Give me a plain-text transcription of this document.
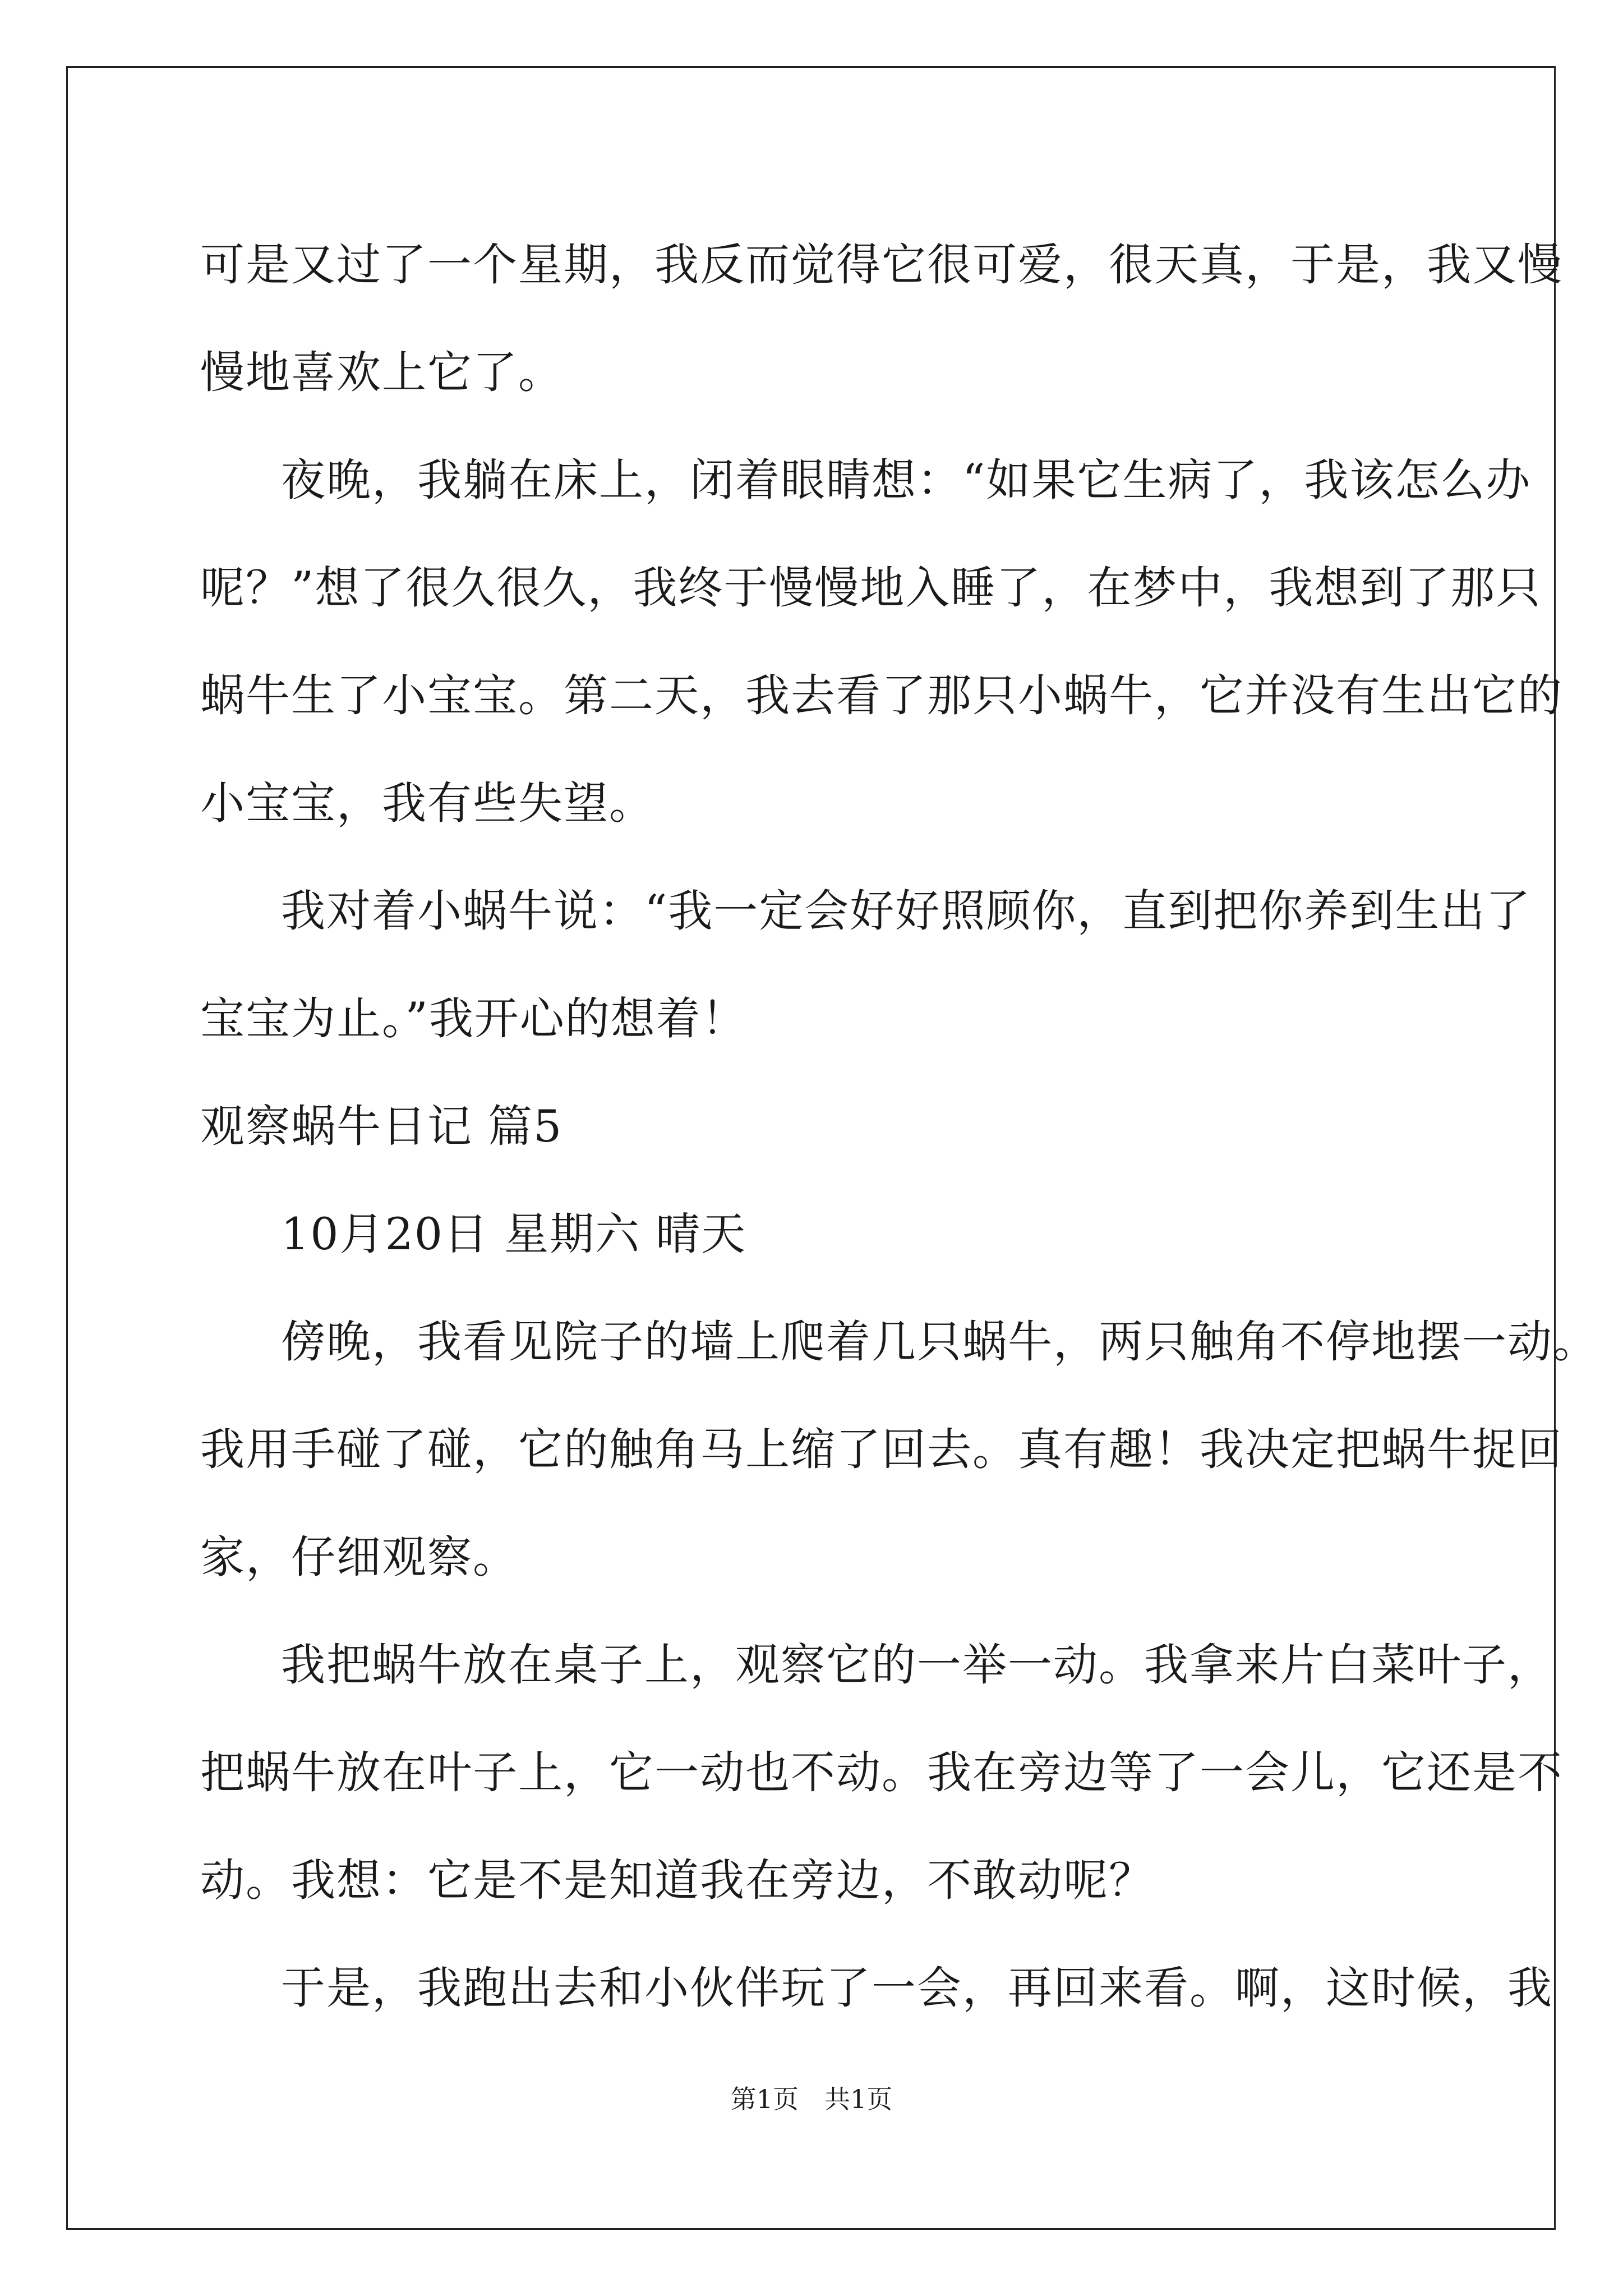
可是又过了一个星期，我反而觉得它很可爱，很天真，于是，我又慢
慢地喜欢上它了。
夜晚，我躺在床上，闭着眼睛想：“如果它生病了，我该怎么办
呢？”想了很久很久，我终于慢慢地入睡了，在梦中，我想到了那只
蜗牛生了小宝宝。第二天，我去看了那只小蜗牛，它并没有生出它的
小宝宝，我有些失望。
我对着小蜗牛说：“我一定会好好照顾你，直到把你养到生出了
宝宝为止。”我开心的想着！
观察蜗牛日记 篇5
10月20日 星期六 晴天
傍晚，我看见院子的墙上爬着几只蜗牛，两只触角不停地摆一动。
我用手碰了碰，它的触角马上缩了回去。真有趣！我决定把蜗牛捉回
家，仔细观察。
我把蜗牛放在桌子上，观察它的一举一动。我拿来片白菜叶子，
把蜗牛放在叶子上，它一动也不动。我在旁边等了一会儿，它还是不
动。我想：它是不是知道我在旁边，不敢动呢？
于是，我跑出去和小伙伴玩了一会，再回来看。啊，这时候，我
第1页　共1页
